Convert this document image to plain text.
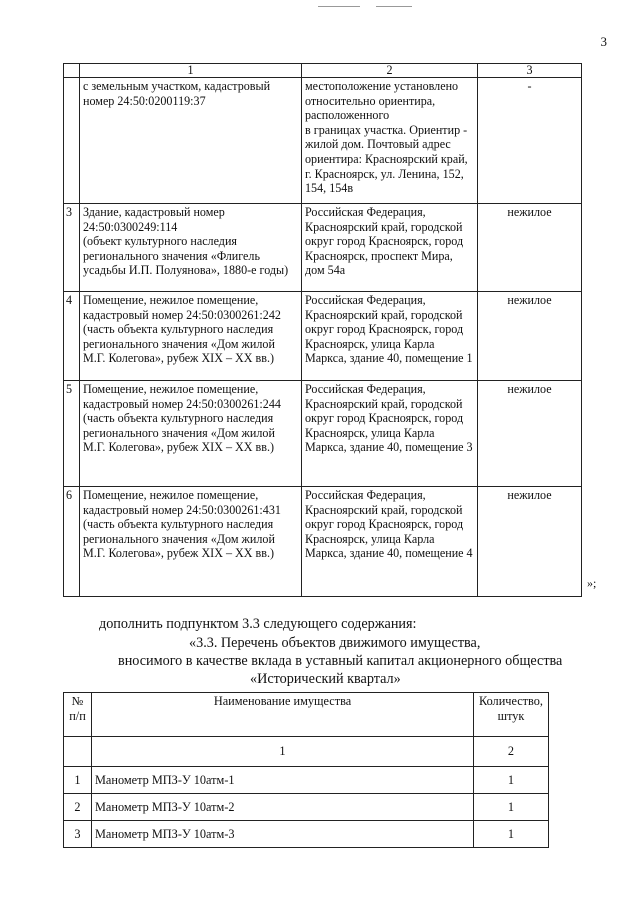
3
	1	2	3
	с земельным участком, кадастровый номер 24:50:0200119:37	местоположение установлено относительно ориентира, расположенного
в границах участка. Ориентир - жилой дом. Почтовый адрес ориентира: Красноярский край, г. Красноярск, ул. Ленина, 152, 154, 154в	-
3	Здание, кадастровый номер 24:50:0300249:114
(объект культурного наследия регионального значения «Флигель усадьбы И.П. Полуянова», 1880-е годы)	Российская Федерация, Красноярский край, городской округ город Красноярск, город Красноярск, проспект Мира, дом 54а	нежилое
4	Помещение, нежилое помещение, кадастровый номер 24:50:0300261:242 (часть объекта культурного наследия регионального значения «Дом жилой
М.Г. Колегова», рубеж XIX – XX вв.)	Российская Федерация, Красноярский край, городской округ город Красноярск, город Красноярск, улица Карла Маркса, здание 40, помещение 1	нежилое
5	Помещение, нежилое помещение, кадастровый номер 24:50:0300261:244 (часть объекта культурного наследия регионального значения «Дом жилой М.Г. Колегова», рубеж XIX – XX вв.)	Российская Федерация, Красноярский край, городской округ город Красноярск, город Красноярск, улица Карла Маркса, здание 40, помещение 3	нежилое
6	Помещение, нежилое помещение, кадастровый номер 24:50:0300261:431 (часть объекта культурного наследия регионального значения «Дом жилой М.Г. Колегова», рубеж XIX – XX вв.)	Российская Федерация, Красноярский край, городской округ город Красноярск, город Красноярск, улица Карла Маркса, здание 40, помещение 4	нежилое
»;
дополнить подпунктом 3.3 следующего содержания:
«3.3. Перечень объектов движимого имущества,
вносимого в качестве вклада в уставный капитал акционерного общества
«Исторический квартал»
№
п/п	Наименование имущества	Количество,
штук
	1	2
1	Манометр МПЗ-У 10атм-1	1
2	Манометр МПЗ-У 10атм-2	1
3	Манометр МПЗ-У 10атм-3	1
